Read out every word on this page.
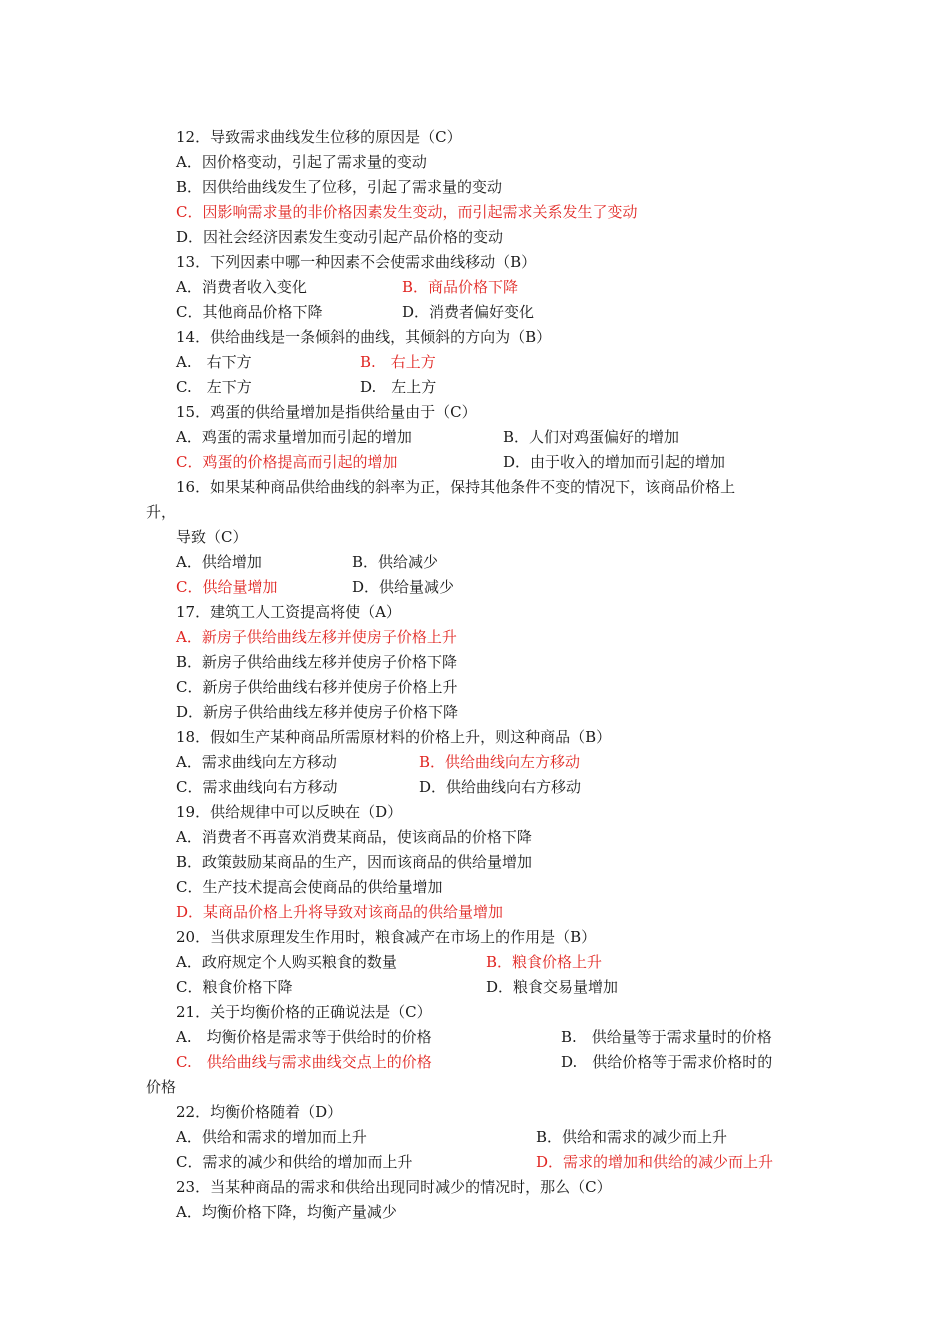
12．导致需求曲线发生位移的原因是（C）
A．因价格变动，引起了需求量的变动
B．因供给曲线发生了位移，引起了需求量的变动
C．因影响需求量的非价格因素发生变动，而引起需求关系发生了变动
D．因社会经济因素发生变动引起产品价格的变动
13．下列因素中哪一种因素不会使需求曲线移动（B）
A．消费者收入变化	B．商品价格下降
C．其他商品价格下降	D．消费者偏好变化
14．供给曲线是一条倾斜的曲线，其倾斜的方向为（B）
A.　右下方	B.　右上方
C.　左下方	D.　左上方
15．鸡蛋的供给量增加是指供给量由于（C）
A．鸡蛋的需求量增加而引起的增加	B．人们对鸡蛋偏好的增加
C．鸡蛋的价格提高而引起的增加	D．由于收入的增加而引起的增加
16．如果某种商品供给曲线的斜率为正，保持其他条件不变的情况下，该商品价格上
升，
导致（C）
A．供给增加	B．供给减少
C．供给量增加	D．供给量减少
17．建筑工人工资提高将使（A）
A．新房子供给曲线左移并使房子价格上升
B．新房子供给曲线左移并使房子价格下降
C．新房子供给曲线右移并使房子价格上升
D．新房子供给曲线左移并使房子价格下降
18．假如生产某种商品所需原材料的价格上升，则这种商品（B）
A．需求曲线向左方移动	B．供给曲线向左方移动
C．需求曲线向右方移动	D．供给曲线向右方移动
19．供给规律中可以反映在（D）
A．消费者不再喜欢消费某商品，使该商品的价格下降
B．政策鼓励某商品的生产，因而该商品的供给量增加
C．生产技术提高会使商品的供给量增加
D．某商品价格上升将导致对该商品的供给量增加
20．当供求原理发生作用时，粮食减产在市场上的作用是（B）
A．政府规定个人购买粮食的数量	B．粮食价格上升
C．粮食价格下降	D．粮食交易量增加
21．关于均衡价格的正确说法是（C）
A.　均衡价格是需求等于供给时的价格	B.　供给量等于需求量时的价格
C.　供给曲线与需求曲线交点上的价格	D.　供给价格等于需求价格时的
价格
22．均衡价格随着（D）
A．供给和需求的增加而上升	B．供给和需求的减少而上升
C．需求的减少和供给的增加而上升	D．需求的增加和供给的减少而上升
23．当某种商品的需求和供给出现同时减少的情况时，那么（C）
A．均衡价格下降，均衡产量减少
